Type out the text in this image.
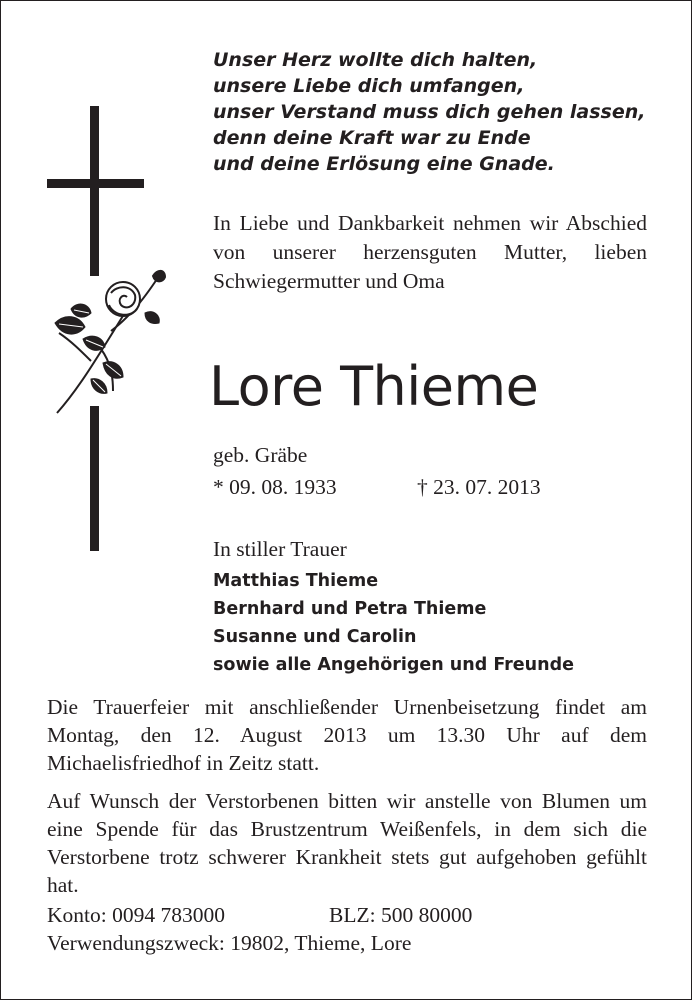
Unser Herz wollte dich halten,
unsere Liebe dich umfangen,
unser Verstand muss dich gehen lassen,
denn deine Kraft war zu Ende
und deine Erlösung eine Gnade.
In Liebe und Dankbarkeit nehmen wir Abschied von unserer herzensguten Mutter, lieben Schwiegermutter und Oma
Lore Thieme
geb. Gräbe
* 09. 08. 1933	† 23. 07. 2013
In stiller Trauer
Matthias Thieme
Bernhard und Petra Thieme
Susanne und Carolin
sowie alle Angehörigen und Freunde
Die Trauerfeier mit anschließender Urnenbeisetzung findet am Montag, den 12. August 2013 um 13.30 Uhr auf dem Michaelisfriedhof in Zeitz statt.
Auf Wunsch der Verstorbenen bitten wir anstelle von Blumen um eine Spende für das Brustzentrum Weißenfels, in dem sich die Verstorbene trotz schwerer Krankheit stets gut aufgehoben gefühlt hat.
Konto: 0094 783000	BLZ: 500 80000
Verwendungszweck: 19802, Thieme, Lore
